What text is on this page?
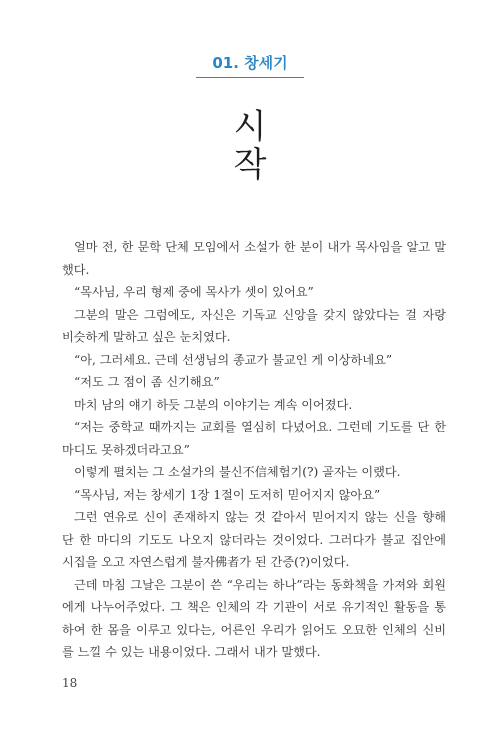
01. 창세기
시
작

얼마 전, 한 문학 단체 모임에서 소설가 한 분이 내가 목사임을 알고 말했다.

“목사님, 우리 형제 중에 목사가 셋이 있어요”

그분의 말은 그럼에도, 자신은 기독교 신앙을 갖지 않았다는 걸 자랑 비슷하게 말하고 싶은 눈치였다.

“아, 그러세요. 근데 선생님의 종교가 불교인 게 이상하네요”

“저도 그 점이 좀 신기해요”

마치 남의 얘기 하듯 그분의 이야기는 계속 이어졌다.

“저는 중학교 때까지는 교회를 열심히 다녔어요. 그런데 기도를 단 한 마디도 못하겠더라고요”

이렇게 펼치는 그 소설가의 불신不信체험기(?) 골자는 이랬다.

“목사님, 저는 창세기 1장 1절이 도저히 믿어지지 않아요”

그런 연유로 신이 존재하지 않는 것 같아서 믿어지지 않는 신을 향해 단 한 마디의 기도도 나오지 않더라는 것이었다. 그러다가 불교 집안에 시집을 오고 자연스럽게 불자佛者가 된 간증(?)이었다.

근데 마침 그날은 그분이 쓴 “우리는 하나”라는 동화책을 가져와 회원에게 나누어주었다. 그 책은 인체의 각 기관이 서로 유기적인 활동을 통하여 한 몸을 이루고 있다는, 어른인 우리가 읽어도 오묘한 인체의 신비를 느낄 수 있는 내용이었다. 그래서 내가 말했다.

18
